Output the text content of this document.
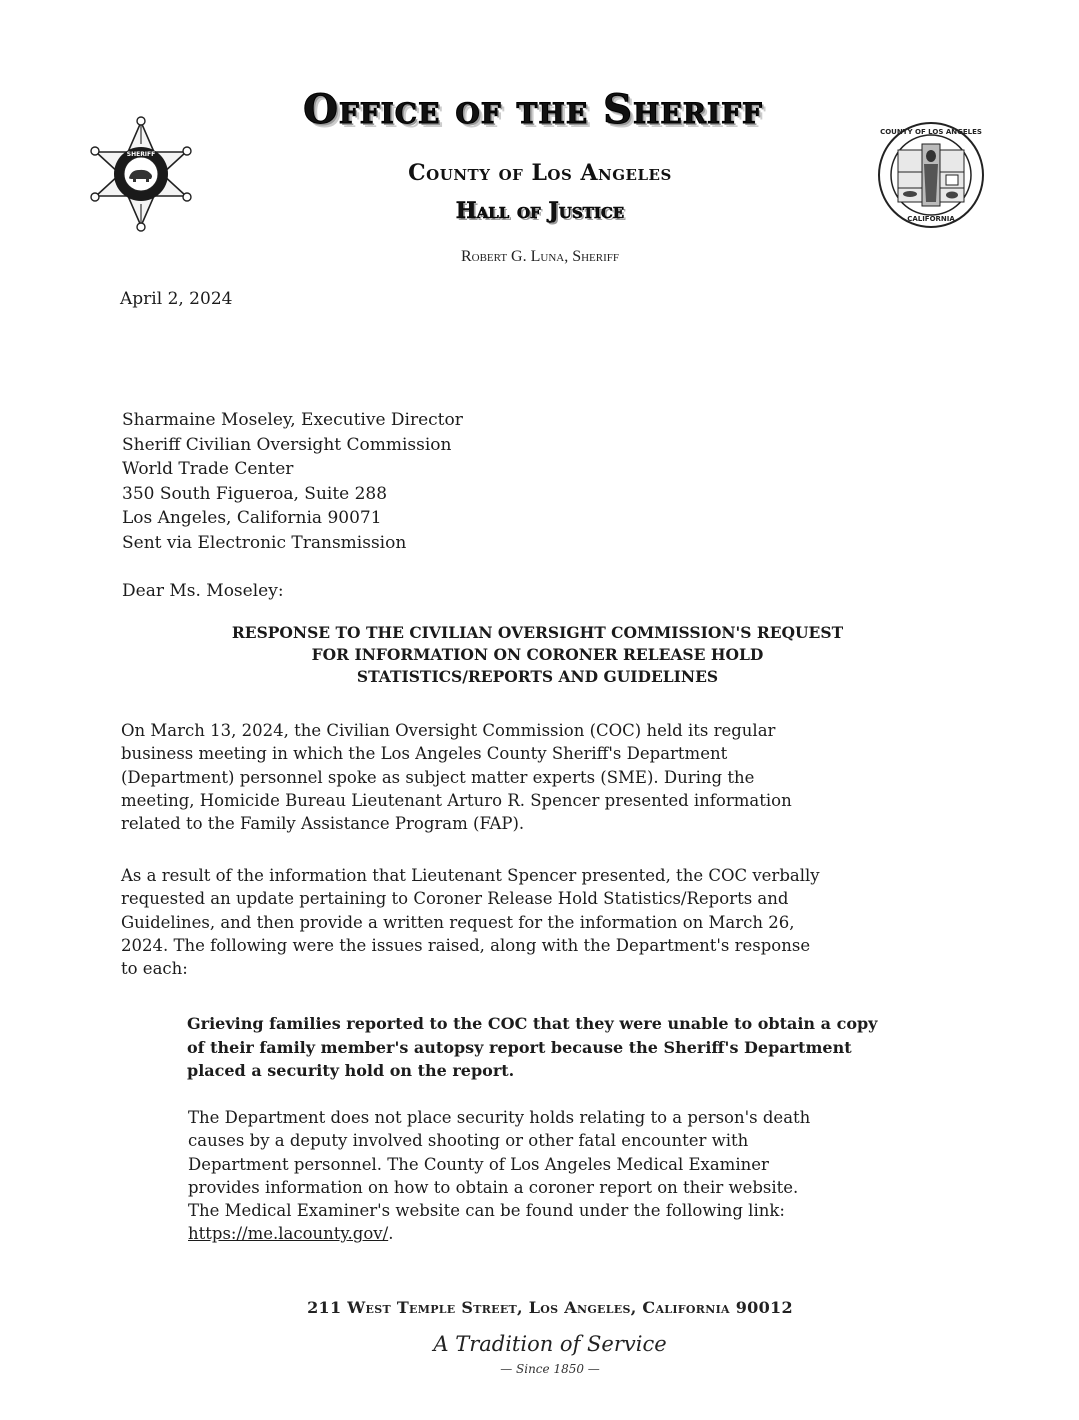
SHERIFF
Office of the Sheriff
County of Los Angeles
Hall of Justice
Robert G. Luna, Sheriff
COUNTY OF LOS ANGELES
CALIFORNIA
April 2, 2024
Sharmaine Moseley, Executive Director
Sheriff Civilian Oversight Commission
World Trade Center
350 South Figueroa, Suite 288
Los Angeles, California 90071
Sent via Electronic Transmission
Dear Ms. Moseley:
RESPONSE TO THE CIVILIAN OVERSIGHT COMMISSION'S REQUEST
FOR INFORMATION ON CORONER RELEASE HOLD
STATISTICS/REPORTS AND GUIDELINES
On March 13, 2024, the Civilian Oversight Commission (COC) held its regular
business meeting in which the Los Angeles County Sheriff's Department
(Department) personnel spoke as subject matter experts (SME). During the
meeting, Homicide Bureau Lieutenant Arturo R. Spencer presented information
related to the Family Assistance Program (FAP).
As a result of the information that Lieutenant Spencer presented, the COC verbally
requested an update pertaining to Coroner Release Hold Statistics/Reports and
Guidelines, and then provide a written request for the information on March 26,
2024. The following were the issues raised, along with the Department's response
to each:
Grieving families reported to the COC that they were unable to obtain a copy
of their family member's autopsy report because the Sheriff's Department
placed a security hold on the report.
The Department does not place security holds relating to a person's death
causes by a deputy involved shooting or other fatal encounter with
Department personnel. The County of Los Angeles Medical Examiner
provides information on how to obtain a coroner report on their website.
The Medical Examiner's website can be found under the following link:
https://me.lacounty.gov/.
211 West Temple Street, Los Angeles, California 90012
A Tradition of Service
— Since 1850 —
